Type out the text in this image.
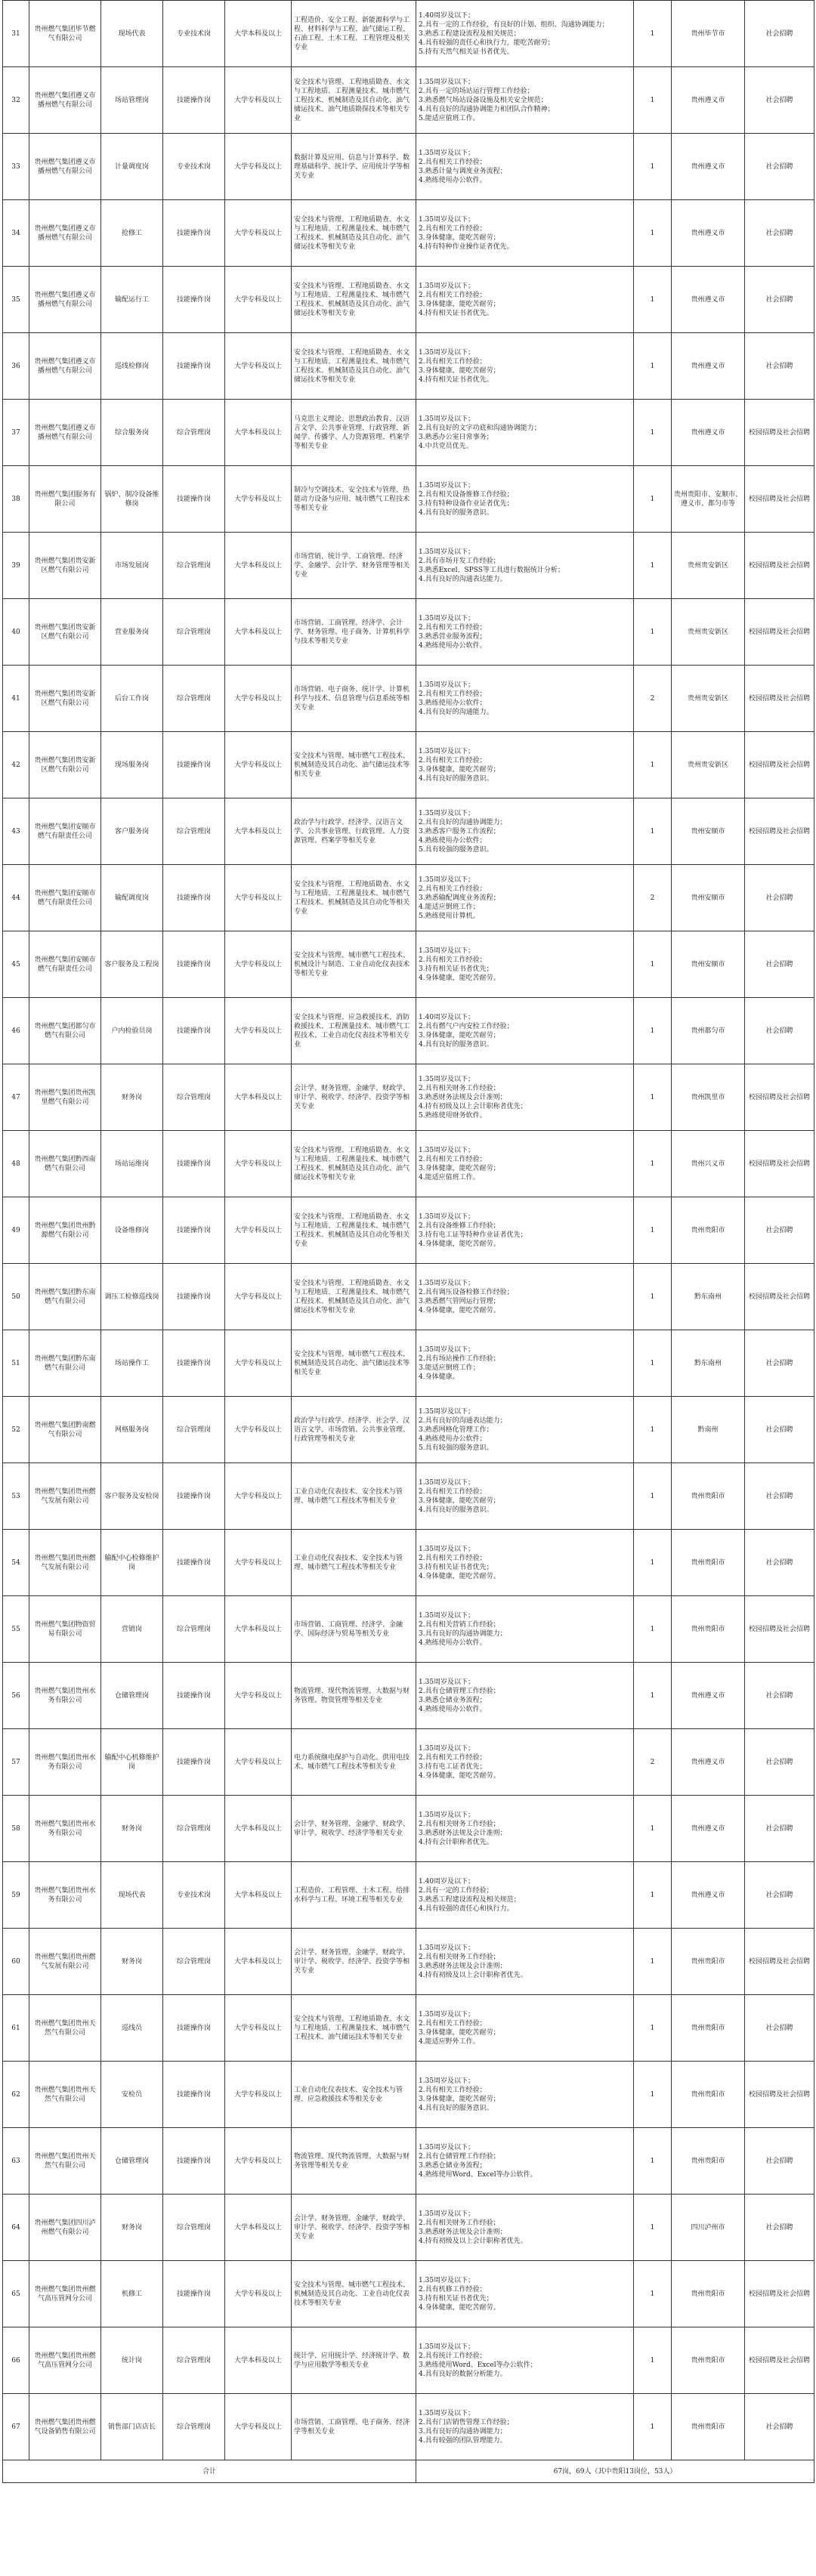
31	贵州燃气集团毕节燃气有限公司	现场代表	专业技术岗	大学本科及以上	工程造价、安全工程、新能源科学与工程、材料科学与工程、油气储运工程、石油工程、土木工程、工程管理及相关专业	1.40周岁及以下；
2.具有一定的工作经验，有良好的计划、组织、沟通协调能力；
3.熟悉工程建设流程及相关规范；
4.具有较强的责任心和执行力，能吃苦耐劳；
5.持有天然气相关证书者优先。	1	贵州毕节市	社会招聘
32	贵州燃气集团遵义市播州燃气有限公司	场站管理岗	技能操作岗	大学专科及以上	安全技术与管理、工程地质勘查、水文与工程地质、工程测量技术、城市燃气工程技术、机械制造及其自动化、油气储运技术、油气地质勘探技术等相关专业	1.35周岁及以下；
2.具有一定的场站运行管理工作经验；
3.熟悉燃气场站设备设施及相关安全规范；
4.具有良好的沟通协调能力和团队合作精神；
5.能适应值班工作。	1	贵州遵义市	社会招聘
33	贵州燃气集团遵义市播州燃气有限公司	计量调度岗	专业技术岗	大学专科及以上	数据计算及应用、信息与计算科学、数理基础科学、统计学、应用统计学等相关专业	1.35周岁及以下；
2.具有相关工作经验；
3.熟悉计量与调度业务流程；
4.熟练使用办公软件。	1	贵州遵义市	社会招聘
34	贵州燃气集团遵义市播州燃气有限公司	抢修工	技能操作岗	大学专科及以上	安全技术与管理、工程地质勘查、水文与工程地质、工程测量技术、城市燃气工程技术、机械制造及其自动化、油气储运技术等相关专业	1.35周岁及以下；
2.具有相关工作经验；
3.身体健康，能吃苦耐劳；
4.持有特种作业操作证者优先。	1	贵州遵义市	社会招聘
35	贵州燃气集团遵义市播州燃气有限公司	输配运行工	技能操作岗	大学专科及以上	安全技术与管理、工程地质勘查、水文与工程地质、工程测量技术、城市燃气工程技术、机械制造及其自动化、油气储运技术等相关专业	1.35周岁及以下；
2.具有相关工作经验；
3.身体健康，能吃苦耐劳；
4.持有相关证书者优先。	1	贵州遵义市	社会招聘
36	贵州燃气集团遵义市播州燃气有限公司	巡线检修岗	技能操作岗	大学专科及以上	安全技术与管理、工程地质勘查、水文与工程地质、工程测量技术、城市燃气工程技术、机械制造及其自动化、油气储运技术等相关专业	1.35周岁及以下；
2.具有相关工作经验；
3.身体健康，能吃苦耐劳；
4.持有相关证书者优先。	1	贵州遵义市	社会招聘
37	贵州燃气集团遵义市播州燃气有限公司	综合服务岗	综合管理岗	大学本科及以上	马克思主义理论、思想政治教育、汉语言文学、公共事业管理、行政管理、新闻学、传播学、人力资源管理、档案学等相关专业	1.35周岁及以下；
2.具有良好的文字功底和沟通协调能力；
3.熟悉办公室日常事务；
4.中共党员优先。	1	贵州遵义市	校园招聘及社会招聘
38	贵州燃气集团服务有限公司	锅炉、制冷设备维修岗	技能操作岗	大学专科及以上	制冷与空调技术、安全技术与管理、热能动力设备与应用、城市燃气工程技术等相关专业	1.35周岁及以下；
2.具有相关设备维修工作经验；
3.持有特种设备作业证者优先；
4.具有良好的服务意识。	1	贵州贵阳市、安顺市、遵义市、都匀市等	校园招聘及社会招聘
39	贵州燃气集团贵安新区燃气有限公司	市场发展岗	综合管理岗	大学本科及以上	市场营销、统计学、工商管理、经济学、金融学、会计学、财务管理等相关专业	1.35周岁及以下；
2.具有市场开发工作经验；
3.熟悉Excel、SPSS等工具进行数据统计分析；
4.具有良好的沟通表达能力。	1	贵州贵安新区	校园招聘及社会招聘
40	贵州燃气集团贵安新区燃气有限公司	营业服务岗	综合管理岗	大学本科及以上	市场营销、工商管理、经济学、会计学、财务管理、电子商务、计算机科学与技术等相关专业	1.35周岁及以下；
2.具有相关工作经验；
3.熟悉营业服务流程；
4.熟练使用办公软件。	1	贵州贵安新区	校园招聘及社会招聘
41	贵州燃气集团贵安新区燃气有限公司	后台工作岗	综合管理岗	大学专科及以上	市场营销、电子商务、统计学、计算机科学与技术、信息管理与信息系统等相关专业	1.35周岁及以下；
2.具有相关工作经验；
3.熟练使用办公软件；
4.具有良好的沟通能力。	2	贵州贵安新区	校园招聘及社会招聘
42	贵州燃气集团贵安新区燃气有限公司	现场服务岗	技能操作岗	大学专科及以上	安全技术与管理、城市燃气工程技术、机械制造及其自动化、油气储运技术等相关专业	1.35周岁及以下；
2.具有相关工作经验；
3.身体健康，能吃苦耐劳；
4.具有良好的服务意识。	1	贵州贵安新区	校园招聘及社会招聘
43	贵州燃气集团安顺市燃气有限责任公司	客户服务岗	综合管理岗	大学本科及以上	政治学与行政学、经济学、汉语言文学、公共事业管理、行政管理、人力资源管理、档案学等相关专业	1.35周岁及以下；
2.具有良好的沟通协调能力；
3.熟悉客户服务工作流程；
4.熟练使用办公软件；
5.具有较强的服务意识。	1	贵州安顺市	校园招聘及社会招聘
44	贵州燃气集团安顺市燃气有限责任公司	输配调度岗	技能操作岗	大学专科及以上	安全技术与管理、工程地质勘查、水文与工程地质、工程测量技术、城市燃气工程技术、机械制造及其自动化等相关专业	1.35周岁及以下；
2.具有相关工作经验；
3.熟悉输配调度业务流程；
4.能适应倒班工作；
5.熟练使用计算机。	2	贵州安顺市	社会招聘
45	贵州燃气集团安顺市燃气有限责任公司	客户服务及工程岗	技能操作岗	大学专科及以上	安全技术与管理、城市燃气工程技术、机械设计与制造、工业自动化仪表技术等相关专业	1.35周岁及以下；
2.具有相关工作经验；
3.持有相关证书者优先；
4.身体健康，能吃苦耐劳。	1	贵州安顺市	社会招聘
46	贵州燃气集团都匀市燃气有限公司	户内检验员岗	技能操作岗	大学专科及以上	安全技术与管理、应急救援技术、消防救援技术、工程测量技术、城市燃气工程技术、工业自动化仪表技术等相关专业	1.40周岁及以下；
2.具有燃气户内安检工作经验；
3.身体健康，能吃苦耐劳；
4.具有良好的服务意识。	1	贵州都匀市	社会招聘
47	贵州燃气集团贵州凯里燃气有限公司	财务岗	综合管理岗	大学本科及以上	会计学、财务管理、金融学、财政学、审计学、税收学、经济学、投资学等相关专业	1.35周岁及以下；
2.具有相关财务工作经验；
3.熟悉财务法规及会计准则；
4.持有初级及以上会计职称者优先；
5.熟练使用财务软件。	1	贵州凯里市	校园招聘及社会招聘
48	贵州燃气集团黔西南燃气有限公司	场站运维岗	技能操作岗	大学专科及以上	安全技术与管理、工程地质勘查、水文与工程地质、工程测量技术、城市燃气工程技术、机械制造及其自动化、油气储运技术等相关专业	1.35周岁及以下；
2.具有相关工作经验；
3.身体健康，能吃苦耐劳；
4.能适应值班工作。	1	贵州兴义市	校园招聘及社会招聘
49	贵州燃气集团贵州黔源燃气有限公司	设备维修岗	技能操作岗	大学专科及以上	安全技术与管理、工程地质勘查、水文与工程地质、工程测量技术、城市燃气工程技术、机械制造及其自动化等相关专业	1.35周岁及以下；
2.具有设备维修工作经验；
3.持有电工证等特种作业证者优先；
4.身体健康，能吃苦耐劳。	1	贵州贵阳市	社会招聘
50	贵州燃气集团黔东南燃气有限公司	调压工检修巡线岗	技能操作岗	大学专科及以上	安全技术与管理、工程地质勘查、水文与工程地质、工程测量技术、城市燃气工程技术、机械制造及其自动化、油气储运技术等相关专业	1.35周岁及以下；
2.具有调压设备检修工作经验；
3.熟悉燃气管网运行管理；
4.身体健康，能吃苦耐劳。	1	黔东南州	校园招聘及社会招聘
51	贵州燃气集团黔东南燃气有限公司	场站操作工	技能操作岗	大学专科及以上	安全技术与管理、城市燃气工程技术、机械制造及其自动化、油气储运技术等相关专业	1.35周岁及以下；
2.具有场站操作工作经验；
3.能适应倒班工作；
4.身体健康。	1	黔东南州	社会招聘
52	贵州燃气集团黔南燃气有限公司	网格服务岗	综合管理岗	大学专科及以上	政治学与行政学、经济学、社会学、汉语言文学、市场营销、公共事业管理、行政管理等相关专业	1.35周岁及以下；
2.具有良好的沟通表达能力；
3.熟悉网格化管理工作；
4.熟练使用办公软件；
5.具有较强的服务意识。	1	黔南州	社会招聘
53	贵州燃气集团贵州燃气发展有限公司	客户服务及安检岗	技能操作岗	大学专科及以上	工业自动化仪表技术、安全技术与管理、城市燃气工程技术等相关专业	1.35周岁及以下；
2.具有相关工作经验；
3.身体健康，能吃苦耐劳；
4.具有良好的服务意识。	1	贵州贵阳市	社会招聘
54	贵州燃气集团贵州燃气发展有限公司	输配中心检修维护岗	技能操作岗	大学专科及以上	工业自动化仪表技术、安全技术与管理、城市燃气工程技术等相关专业	1.35周岁及以下；
2.具有相关工作经验；
3.持有相关证书者优先；
4.身体健康，能吃苦耐劳。	1	贵州贵阳市	社会招聘
55	贵州燃气集团物资贸易有限公司	营销岗	综合管理岗	大学本科及以上	市场营销、工商管理、经济学、金融学、国际经济与贸易等相关专业	1.35周岁及以下；
2.具有相关营销工作经验；
3.具有良好的沟通协调能力；
4.熟练使用办公软件。	1	贵州贵阳市	校园招聘及社会招聘
56	贵州燃气集团贵州水务有限公司	仓储管理岗	技能操作岗	大学专科及以上	物流管理、现代物流管理、大数据与财务管理、物资管理等相关专业	1.35周岁及以下；
2.具有仓储管理工作经验；
3.熟悉仓储业务流程；
4.熟练使用办公软件。	1	贵州遵义市	社会招聘
57	贵州燃气集团贵州水务有限公司	输配中心机修维护岗	技能操作岗	大学专科及以上	电力系统继电保护与自动化、供用电技术、城市燃气工程技术等相关专业	1.35周岁及以下；
2.具有相关工作经验；
3.持有电工证者优先；
4.身体健康，能吃苦耐劳。	2	贵州遵义市	社会招聘
58	贵州燃气集团贵州水务有限公司	财务岗	综合管理岗	大学本科及以上	会计学、财务管理、金融学、财政学、审计学、税收学、经济学等相关专业	1.35周岁及以下；
2.具有相关财务工作经验；
3.熟悉财务法规及会计准则；
4.持有会计职称者优先。	1	贵州遵义市	社会招聘
59	贵州燃气集团贵州水务有限公司	现场代表	专业技术岗	大学本科及以上	工程造价、工程管理、土木工程、给排水科学与工程、环境工程等相关专业	1.40周岁及以下；
2.具有一定的工作经验；
3.熟悉工程建设流程及相关规范；
4.具有较强的责任心和执行力。	1	贵州遵义市	社会招聘
60	贵州燃气集团贵州燃气发展有限公司	财务岗	综合管理岗	大学本科及以上	会计学、财务管理、金融学、财政学、审计学、税收学、经济学、投资学等相关专业	1.35周岁及以下；
2.具有相关财务工作经验；
3.熟悉财务法规及会计准则；
4.持有初级及以上会计职称者优先。	1	贵州贵阳市	校园招聘及社会招聘
61	贵州燃气集团贵州天然气有限公司	巡线员	技能操作岗	大学专科及以上	安全技术与管理、工程地质勘查、水文与工程地质、工程测量技术、城市燃气工程技术、油气储运技术等相关专业	1.35周岁及以下；
2.具有相关工作经验；
3.身体健康，能吃苦耐劳；
4.能适应野外工作。	1	贵州贵阳市	社会招聘
62	贵州燃气集团贵州天然气有限公司	安检员	技能操作岗	大学专科及以上	工业自动化仪表技术、安全技术与管理、应急救援技术等相关专业	1.35周岁及以下；
2.具有相关工作经验；
3.身体健康，能吃苦耐劳；
4.具有良好的服务意识。	1	贵州贵阳市	校园招聘及社会招聘
63	贵州燃气集团贵州天然气有限公司	仓储管理岗	技能操作岗	大学专科及以上	物流管理、现代物流管理、大数据与财务管理等相关专业	1.35周岁及以下；
2.具有仓储管理工作经验；
3.熟悉仓储业务流程；
4.熟练使用Word、Excel等办公软件。	1	贵州贵阳市	社会招聘
64	贵州燃气集团四川泸州燃气有限公司	财务岗	综合管理岗	大学本科及以上	会计学、财务管理、金融学、财政学、审计学、税收学、经济学、投资学等相关专业	1.35周岁及以下；
2.具有相关财务工作经验；
3.熟悉财务法规及会计准则；
4.持有初级及以上会计职称者优先。	1	四川泸州市	社会招聘
65	贵州燃气集团贵州燃气高压管网分公司	机修工	技能操作岗	大学专科及以上	安全技术与管理、城市燃气工程技术、机械制造及其自动化、工业自动化仪表技术等相关专业	1.35周岁及以下；
2.具有机修工作经验；
3.持有相关证书者优先；
4.身体健康，能吃苦耐劳。	1	贵州贵阳市	校园招聘及社会招聘
66	贵州燃气集团贵州燃气高压管网分公司	统计岗	综合管理岗	大学本科及以上	统计学、应用统计学、经济统计学、数学与应用数学等相关专业	1.35周岁及以下；
2.具有统计工作经验；
3.熟练使用Word、Excel等办公软件；
4.具有良好的数据分析能力。	1	贵州贵阳市	校园招聘及社会招聘
67	贵州燃气集团贵州燃气设备销售有限公司	销售部门店店长	综合管理岗	大学专科及以上	市场营销、工商管理、电子商务、经济学等相关专业	1.35周岁及以下；
2.具有门店销售管理工作经验；
3.具有良好的沟通协调能力；
4.具有较强的团队管理能力。	1	贵州贵阳市	社会招聘
合计						67岗，69人（其中贵阳13岗位，53人）			
